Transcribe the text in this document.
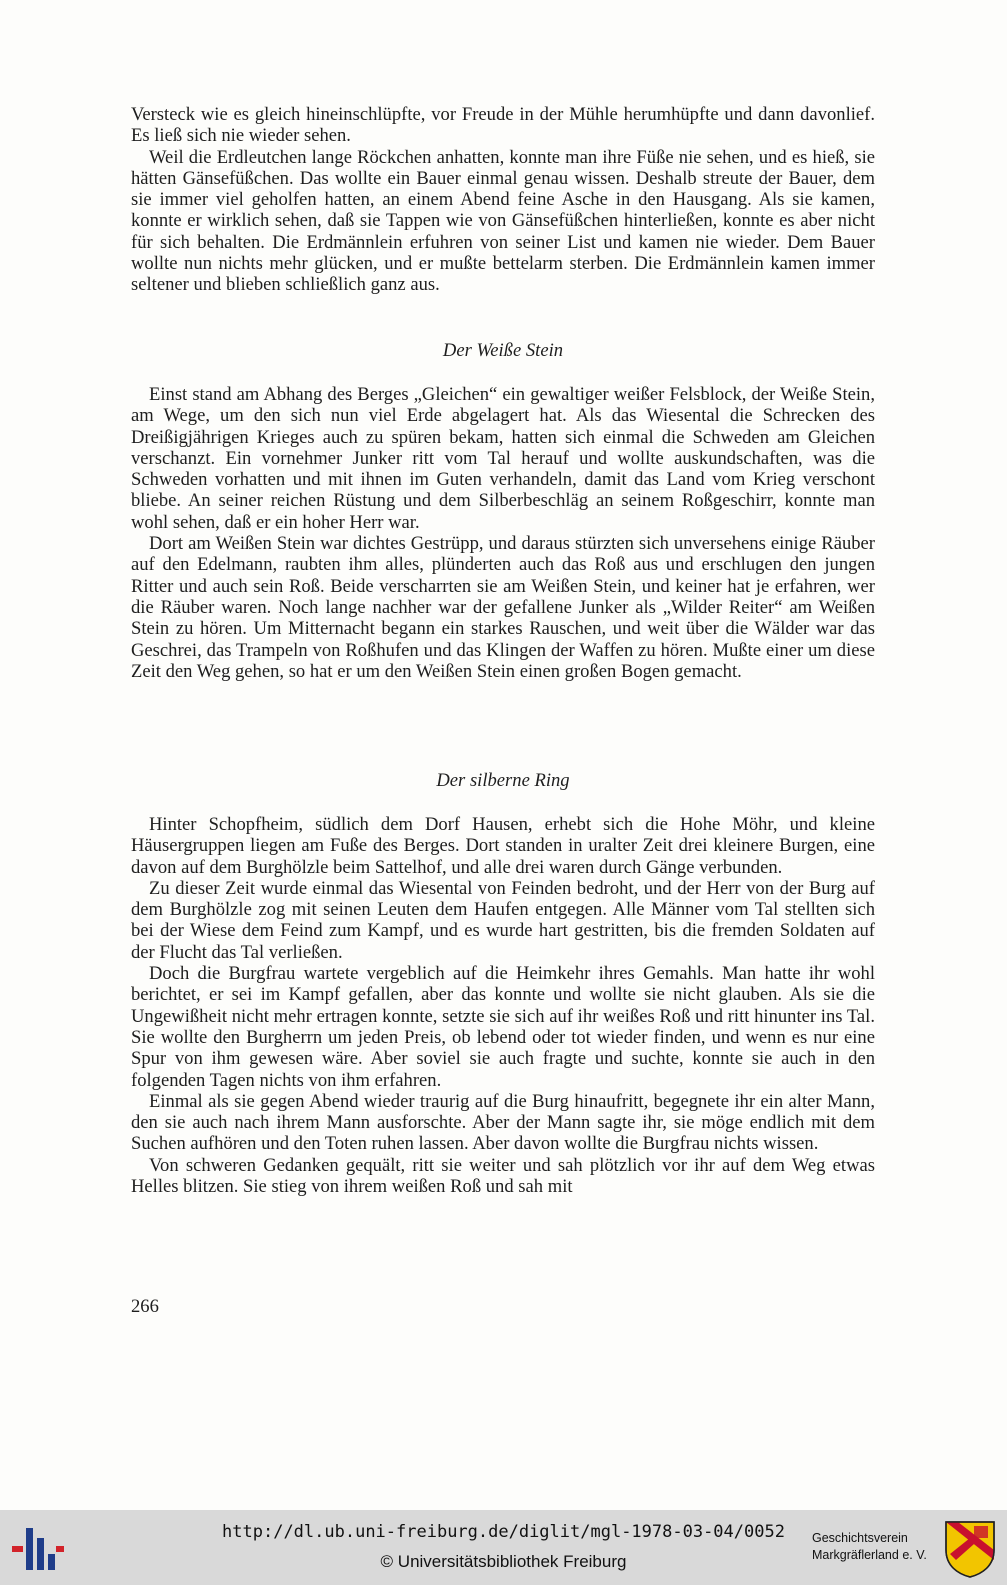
Versteck wie es gleich hineinschlüpfte, vor Freude in der Mühle herumhüpfte und dann davonlief. Es ließ sich nie wieder sehen.

Weil die Erdleutchen lange Röckchen anhatten, konnte man ihre Füße nie sehen, und es hieß, sie hätten Gänsefüßchen. Das wollte ein Bauer einmal genau wissen. Deshalb streute der Bauer, dem sie immer viel geholfen hatten, an einem Abend feine Asche in den Hausgang. Als sie kamen, konnte er wirklich sehen, daß sie Tappen wie von Gänsefüßchen hinterließen, konnte es aber nicht für sich behalten. Die Erdmännlein erfuhren von seiner List und kamen nie wieder. Dem Bauer wollte nun nichts mehr glücken, und er mußte bettelarm sterben. Die Erdmännlein kamen immer seltener und blieben schließlich ganz aus.

Der Weiße Stein

Einst stand am Abhang des Berges „Gleichen“ ein gewaltiger weißer Felsblock, der Weiße Stein, am Wege, um den sich nun viel Erde abgelagert hat. Als das Wiesental die Schrecken des Dreißigjährigen Krieges auch zu spüren bekam, hatten sich einmal die Schweden am Gleichen verschanzt. Ein vornehmer Junker ritt vom Tal herauf und wollte auskundschaften, was die Schweden vorhatten und mit ihnen im Guten verhandeln, damit das Land vom Krieg verschont bliebe. An seiner reichen Rüstung und dem Silberbeschläg an seinem Roßgeschirr, konnte man wohl sehen, daß er ein hoher Herr war.

Dort am Weißen Stein war dichtes Gestrüpp, und daraus stürzten sich unversehens einige Räuber auf den Edelmann, raubten ihm alles, plünderten auch das Roß aus und erschlugen den jungen Ritter und auch sein Roß. Beide verscharrten sie am Weißen Stein, und keiner hat je erfahren, wer die Räuber waren. Noch lange nachher war der gefallene Junker als „Wilder Reiter“ am Weißen Stein zu hören. Um Mitternacht begann ein starkes Rauschen, und weit über die Wälder war das Geschrei, das Trampeln von Roßhufen und das Klingen der Waffen zu hören. Mußte einer um diese Zeit den Weg gehen, so hat er um den Weißen Stein einen großen Bogen gemacht.

Der silberne Ring

Hinter Schopfheim, südlich dem Dorf Hausen, erhebt sich die Hohe Möhr, und kleine Häusergruppen liegen am Fuße des Berges. Dort standen in uralter Zeit drei kleinere Burgen, eine davon auf dem Burghölzle beim Sattelhof, und alle drei waren durch Gänge verbunden.

Zu dieser Zeit wurde einmal das Wiesental von Feinden bedroht, und der Herr von der Burg auf dem Burghölzle zog mit seinen Leuten dem Haufen entgegen. Alle Männer vom Tal stellten sich bei der Wiese dem Feind zum Kampf, und es wurde hart gestritten, bis die fremden Soldaten auf der Flucht das Tal verließen.

Doch die Burgfrau wartete vergeblich auf die Heimkehr ihres Gemahls. Man hatte ihr wohl berichtet, er sei im Kampf gefallen, aber das konnte und wollte sie nicht glauben. Als sie die Ungewißheit nicht mehr ertragen konnte, setzte sie sich auf ihr weißes Roß und ritt hinunter ins Tal. Sie wollte den Burgherrn um jeden Preis, ob lebend oder tot wieder finden, und wenn es nur eine Spur von ihm gewesen wäre. Aber soviel sie auch fragte und suchte, konnte sie auch in den folgenden Tagen nichts von ihm erfahren.

Einmal als sie gegen Abend wieder traurig auf die Burg hinaufritt, begegnete ihr ein alter Mann, den sie auch nach ihrem Mann ausforschte. Aber der Mann sagte ihr, sie möge endlich mit dem Suchen aufhören und den Toten ruhen lassen. Aber davon wollte die Burgfrau nichts wissen.

Von schweren Gedanken gequält, ritt sie weiter und sah plötzlich vor ihr auf dem Weg etwas Helles blitzen. Sie stieg von ihrem weißen Roß und sah mit

266
http://dl.ub.uni-freiburg.de/diglit/mgl-1978-03-04/0052
© Universitätsbibliothek Freiburg
Geschichtsverein
Markgräflerland e. V.
